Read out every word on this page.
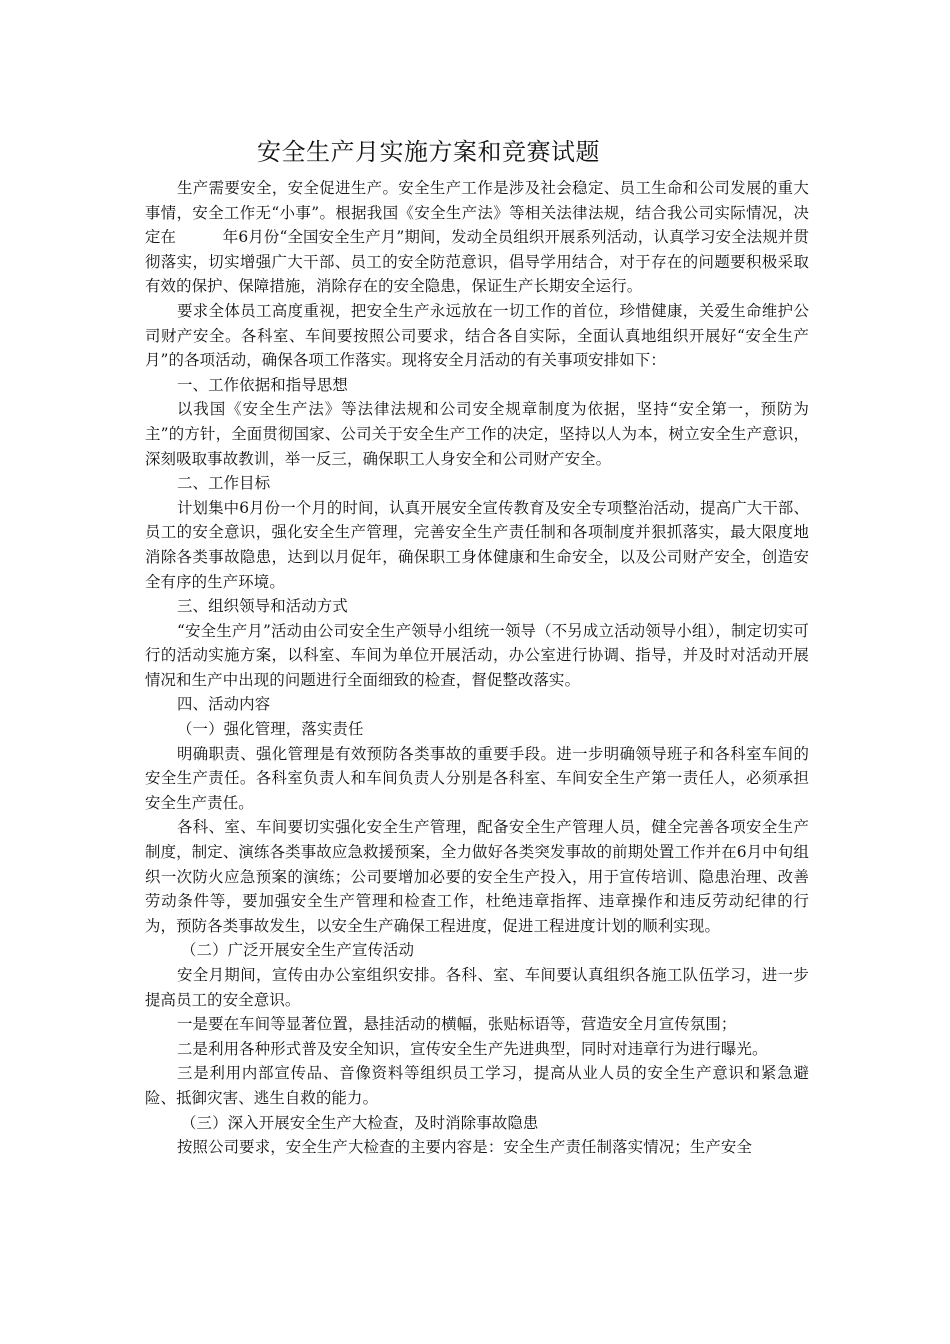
安全生产月实施方案和竞赛试题

生产需要安全，安全促进生产。安全生产工作是涉及社会稳定、员工生命和公司发展的重大事情，安全工作无“小事”。根据我国《安全生产法》等相关法律法规，结合我公司实际情况，决定在　　　年6月份“全国安全生产月”期间，发动全员组织开展系列活动，认真学习安全法规并贯彻落实，切实增强广大干部、员工的安全防范意识，倡导学用结合，对于存在的问题要积极采取有效的保护、保障措施，消除存在的安全隐患，保证生产长期安全运行。

要求全体员工高度重视，把安全生产永远放在一切工作的首位，珍惜健康，关爱生命维护公司财产安全。各科室、车间要按照公司要求，结合各自实际，全面认真地组织开展好“安全生产月”的各项活动，确保各项工作落实。现将安全月活动的有关事项安排如下：

一、工作依据和指导思想

以我国《安全生产法》等法律法规和公司安全规章制度为依据，坚持“安全第一，预防为主”的方针，全面贯彻国家、公司关于安全生产工作的决定，坚持以人为本，树立安全生产意识，深刻吸取事故教训，举一反三，确保职工人身安全和公司财产安全。

二、工作目标

计划集中6月份一个月的时间，认真开展安全宣传教育及安全专项整治活动，提高广大干部、员工的安全意识，强化安全生产管理，完善安全生产责任制和各项制度并狠抓落实，最大限度地消除各类事故隐患，达到以月促年，确保职工身体健康和生命安全，以及公司财产安全，创造安全有序的生产环境。

三、组织领导和活动方式

“安全生产月”活动由公司安全生产领导小组统一领导（不另成立活动领导小组），制定切实可行的活动实施方案，以科室、车间为单位开展活动，办公室进行协调、指导，并及时对活动开展情况和生产中出现的问题进行全面细致的检查，督促整改落实。

四、活动内容

（一）强化管理，落实责任

明确职责、强化管理是有效预防各类事故的重要手段。进一步明确领导班子和各科室车间的安全生产责任。各科室负责人和车间负责人分别是各科室、车间安全生产第一责任人，必须承担安全生产责任。

各科、室、车间要切实强化安全生产管理，配备安全生产管理人员，健全完善各项安全生产制度，制定、演练各类事故应急救援预案，全力做好各类突发事故的前期处置工作并在6月中旬组织一次防火应急预案的演练；公司要增加必要的安全生产投入，用于宣传培训、隐患治理、改善劳动条件等，要加强安全生产管理和检查工作，杜绝违章指挥、违章操作和违反劳动纪律的行为，预防各类事故发生，以安全生产确保工程进度，促进工程进度计划的顺利实现。

（二）广泛开展安全生产宣传活动

安全月期间，宣传由办公室组织安排。各科、室、车间要认真组织各施工队伍学习，进一步提高员工的安全意识。

一是要在车间等显著位置，悬挂活动的横幅，张贴标语等，营造安全月宣传氛围；

二是利用各种形式普及安全知识，宣传安全生产先进典型，同时对违章行为进行曝光。

三是利用内部宣传品、音像资料等组织员工学习，提高从业人员的安全生产意识和紧急避险、抵御灾害、逃生自救的能力。

（三）深入开展安全生产大检查，及时消除事故隐患

按照公司要求，安全生产大检查的主要内容是：安全生产责任制落实情况；生产安全
